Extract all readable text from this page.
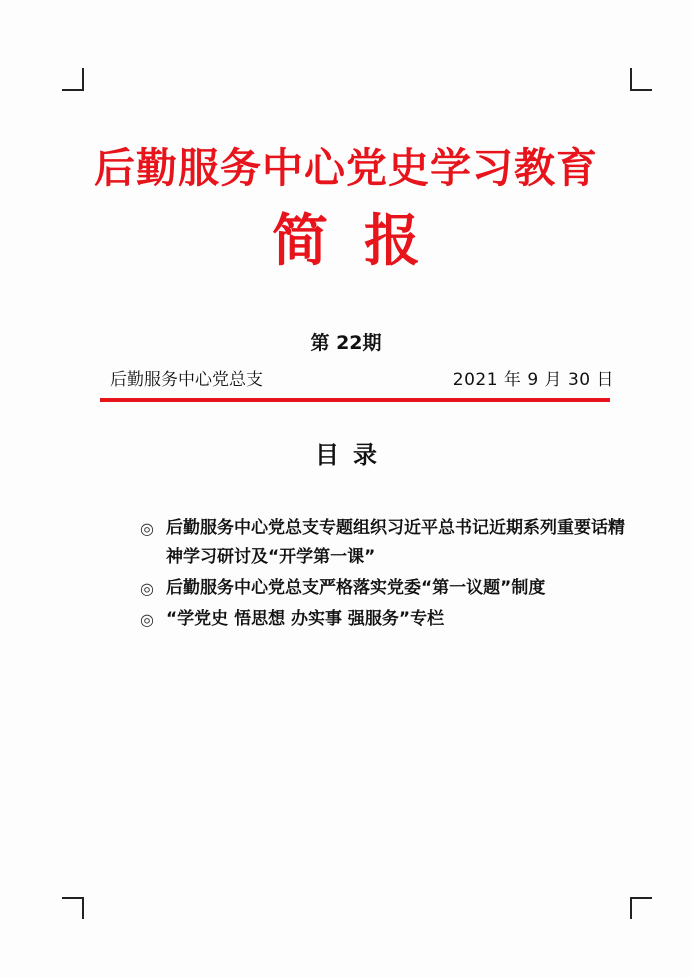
后勤服务中心党史学习教育
简报
第 22期
后勤服务中心党总支	2021 年 9 月 30 日
目录
◎ 后勤服务中心党总支专题组织习近平总书记近期系列重要话精神学习研讨及“开学第一课”
◎ 后勤服务中心党总支严格落实党委“第一议题”制度
◎ “学党史 悟思想 办实事 强服务”专栏
